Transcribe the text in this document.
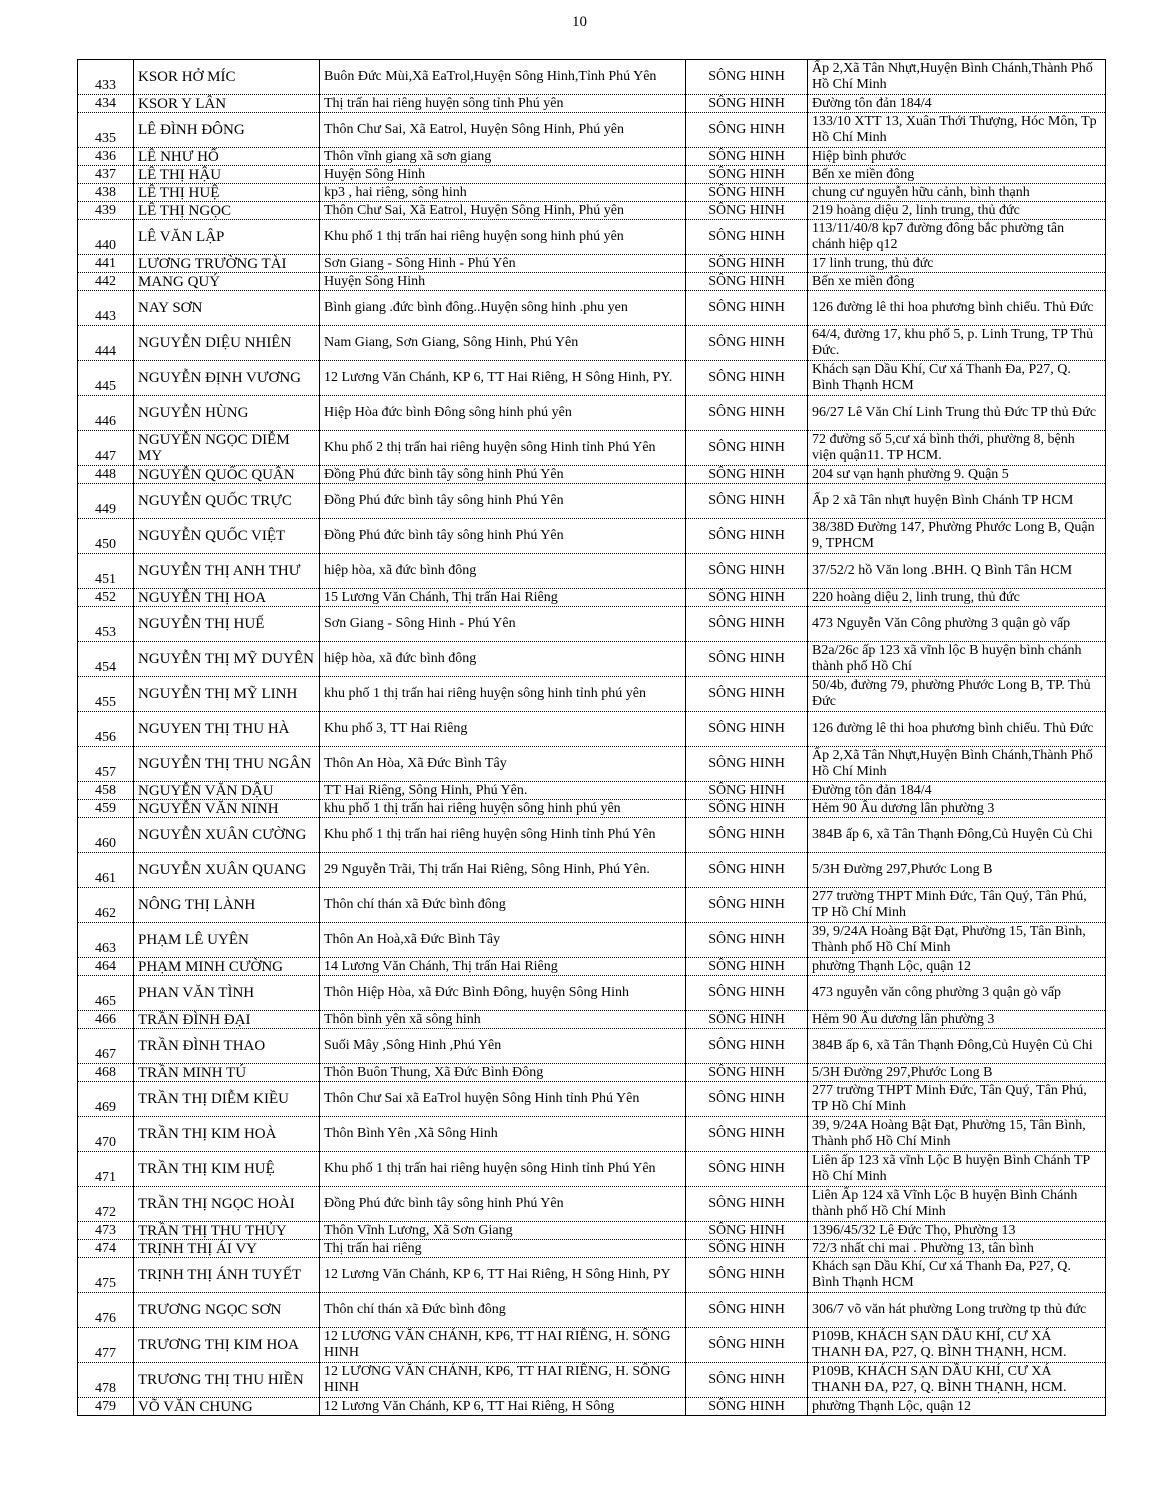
10
433	KSOR HỞ MÍC	Buôn Đức Mùi,Xã EaTrol,Huyện Sông Hinh,Tỉnh Phú Yên	SÔNG HINH	Ấp 2,Xã Tân Nhựt,Huyện Bình Chánh,Thành Phố Hồ Chí Minh
434	KSOR Y LÂN	Thị trấn hai riêng huyện sông tỉnh Phú yên	SÔNG HINH	Đường tôn đản 184/4
435	LÊ ĐÌNH ĐÔNG	Thôn Chư Sai, Xã Eatrol, Huyện Sông Hinh, Phú yên	SÔNG HINH	133/10 XTT 13, Xuân Thới Thượng, Hóc Môn, Tp Hồ Chí Minh
436	LÊ NHƯ HỔ	Thôn vĩnh giang xã sơn giang	SÔNG HINH	Hiệp bình phước
437	LÊ THỊ HẬU	Huyện Sông Hinh	SÔNG HINH	Bến xe miền đông
438	LÊ THỊ HUỆ	kp3 , hai riêng, sông hinh	SÔNG HINH	chung cư nguyễn hữu cảnh, bình thạnh
439	LÊ THỊ NGỌC	Thôn Chư Sai, Xã Eatrol, Huyện Sông Hinh, Phú yên	SÔNG HINH	219 hoàng diệu 2, linh trung, thủ đức
440	LÊ VĂN LẬP	Khu phố 1 thị trấn hai riêng huyện song hinh phú yên	SÔNG HINH	113/11/40/8 kp7 đường đông bắc phường tân chánh hiệp q12
441	LƯƠNG TRƯỜNG TÀI	Sơn Giang - Sông Hinh - Phú Yên	SÔNG HINH	17 linh trung, thủ đức
442	MANG QUÝ	Huyện Sông Hinh	SÔNG HINH	Bến xe miền đông
443	NAY SƠN	Bình giang .đức bình đông..Huyện sông hinh .phu yen	SÔNG HINH	126 đường lê thi hoa phương bình chiểu. Thủ Đức
444	NGUYỄN DIỆU NHIÊN	Nam Giang, Sơn Giang, Sông Hinh, Phú Yên	SÔNG HINH	64/4, đường 17, khu phố 5, p. Linh Trung, TP Thủ Đức.
445	NGUYỄN ĐỊNH VƯƠNG	12 Lương Văn Chánh, KP 6, TT Hai Riêng, H Sông Hinh, PY.	SÔNG HINH	Khách sạn Dầu Khí, Cư xá Thanh Đa, P27, Q. Bình Thạnh HCM
446	NGUYỄN HÙNG	Hiệp Hòa đức bình Đông sông hinh phú yên	SÔNG HINH	96/27 Lê Văn Chí Linh Trung thủ Đức TP thủ Đức
447	NGUYỄN NGỌC DIỄM MY	Khu phố 2 thị trấn hai riêng huyện sông Hinh tỉnh Phú Yên	SÔNG HINH	72 đường số 5,cư xá bình thới, phường 8, bệnh viện quận11. TP HCM.
448	NGUYỄN QUỐC QUÂN	Đồng Phú đức bình tây sông hinh Phú Yên	SÔNG HINH	204 sư vạn hạnh phường 9. Quận 5
449	NGUYỄN QUỐC TRỰC	Đồng Phú đức bình tây sông hinh Phú Yên	SÔNG HINH	Ấp 2 xã Tân nhựt huyện Bình Chánh TP HCM
450	NGUYỄN QUỐC VIỆT	Đồng Phú đức bình tây sông hinh Phú Yên	SÔNG HINH	38/38D Đường 147, Phường Phước Long B, Quận 9, TPHCM
451	NGUYỄN THỊ ANH THƯ	hiệp hòa, xã đức bình đông	SÔNG HINH	37/52/2 hồ Văn long .BHH. Q Bình Tân HCM
452	NGUYỄN THỊ HOA	15 Lương Văn Chánh, Thị trấn Hai Riêng	SÔNG HINH	220 hoàng diệu 2, linh trung, thủ đức
453	NGUYỄN THỊ HUẾ	Sơn Giang - Sông Hinh - Phú Yên	SÔNG HINH	473 Nguyễn Văn Công phường 3 quận gò vấp
454	NGUYỄN THỊ MỸ DUYÊN	hiệp hòa, xã đức bình đông	SÔNG HINH	B2a/26c ấp 123 xã vĩnh lộc B huyện bình chánh thành phố Hồ Chí
455	NGUYỄN THỊ MỸ LINH	khu phố 1 thị trấn hai riêng huyện sông hinh tỉnh phú yên	SÔNG HINH	50/4b, đường 79, phường Phước Long B, TP. Thủ Đức
456	NGUYEN THỊ THU HÀ	Khu phố 3, TT Hai Riêng	SÔNG HINH	126 đường lê thi hoa phương bình chiểu. Thủ Đức
457	NGUYỄN THỊ THU NGÂN	Thôn An Hòa, Xã Đức Bình Tây	SÔNG HINH	Ấp 2,Xã Tân Nhựt,Huyện Bình Chánh,Thành Phố Hồ Chí Minh
458	NGUYỄN VĂN DẬU	TT Hai Riêng, Sông Hinh, Phú Yên.	SÔNG HINH	Đường tôn đản 184/4
459	NGUYỄN VĂN NINH	khu phố 1 thị trấn hai riêng huyện sông hinh phú yên	SÔNG HINH	Hẻm 90 Âu dương lân phường 3
460	NGUYỄN XUÂN CƯỜNG	Khu phố 1 thị trấn hai riêng huyện sông Hinh tỉnh Phú Yên	SÔNG HINH	384B ấp 6, xã Tân Thạnh Đông,Củ Huyện Củ Chi
461	NGUYỄN XUÂN QUANG	29 Nguyễn Trãi, Thị trấn Hai Riêng, Sông Hinh, Phú Yên.	SÔNG HINH	5/3H Đường 297,Phước Long B
462	NÔNG THỊ LÀNH	Thôn chí thán xã Đức bình đông	SÔNG HINH	277 trường THPT Minh Đức, Tân Quý, Tân Phú, TP Hồ Chí Minh
463	PHẠM LÊ UYÊN	Thôn An Hoà,xã Đức Bình Tây	SÔNG HINH	39, 9/24A Hoàng Bật Đạt, Phường 15, Tân Bình, Thành phố Hồ Chí Minh
464	PHẠM MINH CƯỜNG	14 Lương Văn Chánh, Thị trấn Hai Riêng	SÔNG HINH	phường Thạnh Lộc, quận 12
465	PHAN VĂN TÌNH	Thôn Hiệp Hòa, xã Đức Bình Đông, huyện Sông Hinh	SÔNG HINH	473 nguyễn văn công phường 3 quận gò vấp
466	TRẦN ĐÌNH ĐẠI	Thôn bình yên xã sông hinh	SÔNG HINH	Hẻm 90 Âu dương lân phường 3
467	TRẦN ĐÌNH THAO	Suối Mây ,Sông Hinh ,Phú Yên	SÔNG HINH	384B ấp 6, xã Tân Thạnh Đông,Củ Huyện Củ Chi
468	TRẦN MINH TÚ	Thôn Buôn Thung, Xã Đức Bình Đông	SÔNG HINH	5/3H Đường 297,Phước Long B
469	TRẦN THỊ DIỄM KIỀU	Thôn Chư Sai xã EaTrol huyện Sông Hinh tỉnh Phú Yên	SÔNG HINH	277 trường THPT Minh Đức, Tân Quý, Tân Phú, TP Hồ Chí Minh
470	TRẦN THỊ KIM HOÀ	Thôn Bình Yên ,Xã Sông Hinh	SÔNG HINH	39, 9/24A Hoàng Bật Đạt, Phường 15, Tân Bình, Thành phố Hồ Chí Minh
471	TRẦN THỊ KIM HUỆ	Khu phố 1 thị trấn hai riêng huyện sông Hinh tỉnh Phú Yên	SÔNG HINH	Liên ấp 123 xã vĩnh Lộc B huyện Bình Chánh TP Hồ Chí Minh
472	TRẦN THỊ NGỌC HOÀI	Đồng Phú đức bình tây sông hinh Phú Yên	SÔNG HINH	Liên Ấp 124 xã Vĩnh Lộc B huyện Bình Chánh thành phố Hồ Chí Minh
473	TRẦN THỊ THU THỦY	Thôn Vĩnh Lương, Xã Sơn Giang	SÔNG HINH	1396/45/32 Lê Đức Thọ, Phường 13
474	TRỊNH THỊ ÁI VY	Thị trấn hai riêng	SÔNG HINH	72/3 nhất chi mai . Phường 13, tân bình
475	TRỊNH THỊ ÁNH TUYẾT	12 Lương Văn Chánh, KP 6, TT Hai Riêng, H Sông Hinh, PY	SÔNG HINH	Khách sạn Dầu Khí, Cư xá Thanh Đa, P27, Q. Bình Thạnh HCM
476	TRƯƠNG NGỌC SƠN	Thôn chí thán xã Đức bình đông	SÔNG HINH	306/7 võ văn hát phường Long trường tp thủ đức
477	TRƯƠNG THỊ KIM HOA	12 LƯƠNG VĂN CHÁNH, KP6, TT HAI RIÊNG, H. SÔNG HINH	SÔNG HINH	P109B, KHÁCH SẠN DẦU KHÍ, CƯ XÁ THANH ĐA, P27, Q. BÌNH THẠNH, HCM.
478	TRƯƠNG THỊ THU HIỀN	12 LƯƠNG VĂN CHÁNH, KP6, TT HAI RIÊNG, H. SÔNG HINH	SÔNG HINH	P109B, KHÁCH SẠN DẦU KHÍ, CƯ XÁ THANH ĐA, P27, Q. BÌNH THẠNH, HCM.
479	VÕ VĂN CHUNG	12 Lương Văn Chánh, KP 6, TT Hai Riêng, H Sông	SÔNG HINH	phường Thạnh Lộc, quận 12
